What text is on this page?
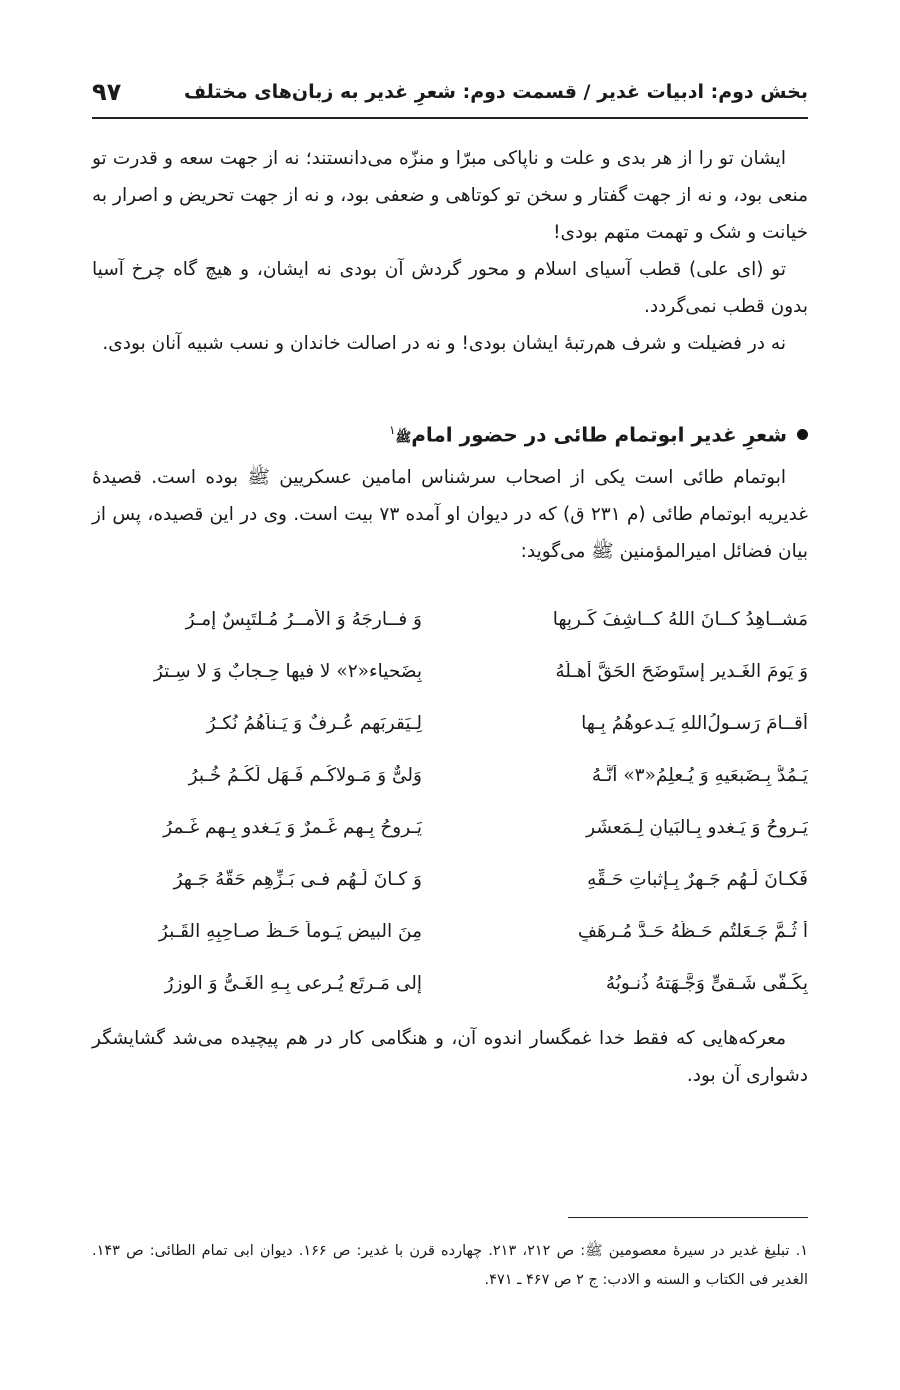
بخش دوم: ادبیات غدیر / قسمت دوم: شعرِ غدیر به زبان‌های مختلف
۹۷

ایشان تو را از هر بدی و علت و ناپاکی مبرّا و منزّه می‌دانستند؛ نه از جهت سعه و قدرت تو منعی بود، و نه از جهت گفتار و سخن تو کوتاهی و ضعفی بود، و نه از جهت تحریض و اصرار به خیانت و شک و تهمت متهم بودی!

تو (ای علی) قطب آسیای اسلام و محور گردش آن بودی نه ایشان، و هیچ گاه چرخ آسیا بدون قطب نمی‌گردد.

نه در فضیلت و شرف هم‌رتبهٔ ایشان بودی! و نه در اصالت خاندان و نسب شبیه آنان بودی.

شعرِ غدیر ابوتمام طائی در حضور امامﷺ$^۱$

ابوتمام طائی است یکی از اصحاب سرشناس امامین عسکریین ﷺ بوده است. قصیدهٔ غدیریه ابوتمام طائی (م ۲۳۱ ق) که در دیوان او آمده ۷۳ بیت است. وی در این قصیده، پس از بیان فضائل امیرالمؤمنین ﷺ می‌گوید:

مَشــاهِدُ کــانَ اللهُ کــاشِفَ کَـربِها
وَ فــارِجَهُ وَ الأمــرُ مُـلتَبِسٌ إمـرُ
وَ یَومَ الغَـدیرِ إستَوضَحَ الحَقَّ أهـلُهُ
بِضَحیاء«۲» لا فیها حِـجابٌ وَ لا سِـترُ
أقــامَ رَسـولُ‌اللهِ یَـدعوهُمُ بِـها
لِـیَقرِبَهم عُـرفٌ وَ یَـناَهُمُ نُکـرُ
یَـمُدُّ بِـضَبعَیهِ وَ یُـعلِمُ«۳» أنَّـهُ
وَلیٌّ وَ مَـولاکُـم فَـهَل لَکُـمُ خُـبرُ
یَـروحُ وَ یَـغدو بِـالبَیانِ لِـمَعشَرٍ
یَـروحُ بِـهِم غَـمرٌ وَ یَـغدو بِـهِم غَـمرُ
فَکـانَ لَـهُم جَـهرٌ بِـإثباتِ حَـقِّهِ
وَ کـانَ لَـهُم فـی بَـزِّهِم حَقُّهُ جَـهرُ
أ ثُـمَّ جَـعَلتُم حَـظَّهُ حَـدَّ مُـرهَفٍ
مِنَ البیضِ یَـوماً حَـظُّ صـاحِبِهِ القَـبرُ
بِکَـفَّی شَـقیٍّ وَجَّـهَتهُ ذُنـوبُهُ
إلی مَـرتَعٍ یُـرعی بِـهِ الغَـیُّ وَ الوِزرُ

معرکه‌هایی که فقط خدا غمگسار اندوه آن، و هنگامی کار در هم پیچیده می‌شد گشایشگر دشواری آن بود.

۱. تبلیغ غدیر در سیرهٔ معصومین ﷺ: ص ۲۱۲، ۲۱۳. چهارده قرن با غدیر: ص ۱۶۶. دیوان ابی تمام الطائی: ص ۱۴۳. الغدیر فی الکتاب و السنه و الادب: ج ۲ ص ۴۶۷ ـ ۴۷۱.
